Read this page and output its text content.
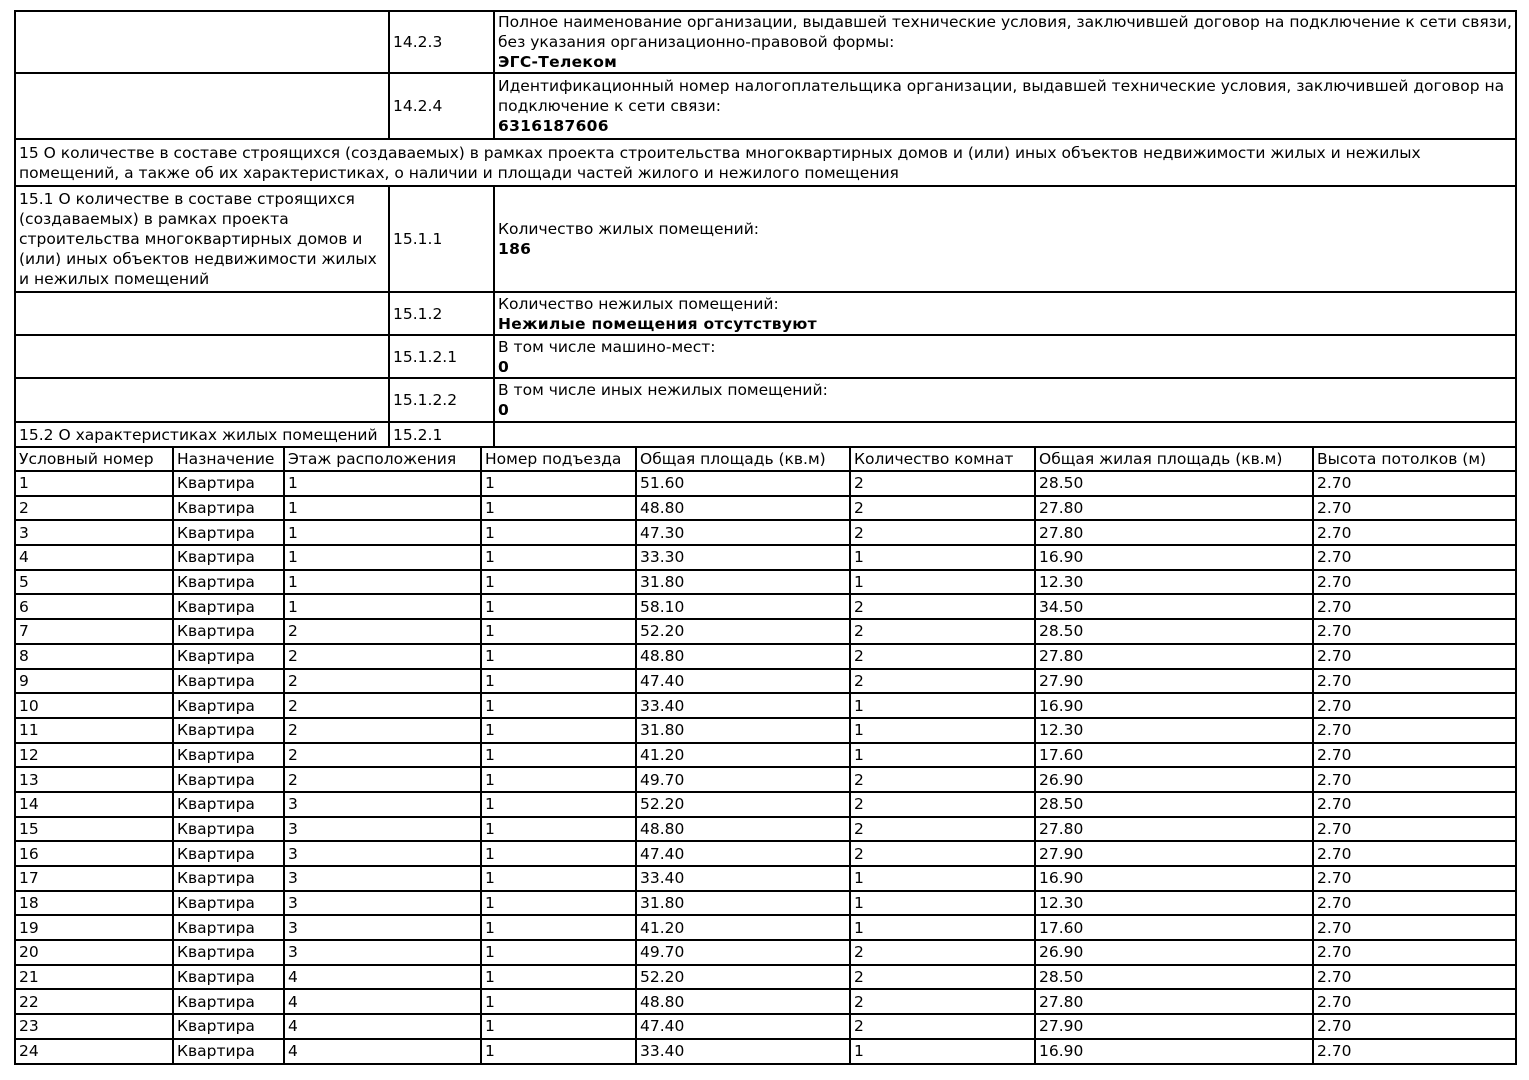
	14.2.3	Полное наименование организации, выдавшей технические условия, заключившей договор на подключение к сети связи, без указания организационно-правовой формы:
ЭГС-Телеком

	14.2.4	Идентификационный номер налогоплательщика организации, выдавшей технические условия, заключившей договор на подключение к сети связи:
6316187606

15 О количестве в составе строящихся (создаваемых) в рамках проекта строительства многоквартирных домов и (или) иных объектов недвижимости жилых и нежилых помещений, а также об их характеристиках, о наличии и площади частей жилого и нежилого помещения		
15.1 О количестве в составе строящихся (создаваемых) в рамках проекта строительства многоквартирных домов и (или) иных объектов недвижимости жилых и нежилых помещений	15.1.1	Количество жилых помещений:
186

	15.1.2	Количество нежилых помещений:
Нежилые помещения отсутствуют

	15.1.2.1	В том числе машино-мест:
0

	15.1.2.2	В том числе иных нежилых помещений:
0

15.2 О характеристиках жилых помещений	15.2.1	
Условный номер	Назначение	Этаж расположения	Номер подъезда	Общая площадь (кв.м)	Количество комнат	Общая жилая площадь (кв.м)	Высота потолков (м)
1	Квартира	1	1	51.60	2	28.50	2.70
2	Квартира	1	1	48.80	2	27.80	2.70
3	Квартира	1	1	47.30	2	27.80	2.70
4	Квартира	1	1	33.30	1	16.90	2.70
5	Квартира	1	1	31.80	1	12.30	2.70
6	Квартира	1	1	58.10	2	34.50	2.70
7	Квартира	2	1	52.20	2	28.50	2.70
8	Квартира	2	1	48.80	2	27.80	2.70
9	Квартира	2	1	47.40	2	27.90	2.70
10	Квартира	2	1	33.40	1	16.90	2.70
11	Квартира	2	1	31.80	1	12.30	2.70
12	Квартира	2	1	41.20	1	17.60	2.70
13	Квартира	2	1	49.70	2	26.90	2.70
14	Квартира	3	1	52.20	2	28.50	2.70
15	Квартира	3	1	48.80	2	27.80	2.70
16	Квартира	3	1	47.40	2	27.90	2.70
17	Квартира	3	1	33.40	1	16.90	2.70
18	Квартира	3	1	31.80	1	12.30	2.70
19	Квартира	3	1	41.20	1	17.60	2.70
20	Квартира	3	1	49.70	2	26.90	2.70
21	Квартира	4	1	52.20	2	28.50	2.70
22	Квартира	4	1	48.80	2	27.80	2.70
23	Квартира	4	1	47.40	2	27.90	2.70
24	Квартира	4	1	33.40	1	16.90	2.70
